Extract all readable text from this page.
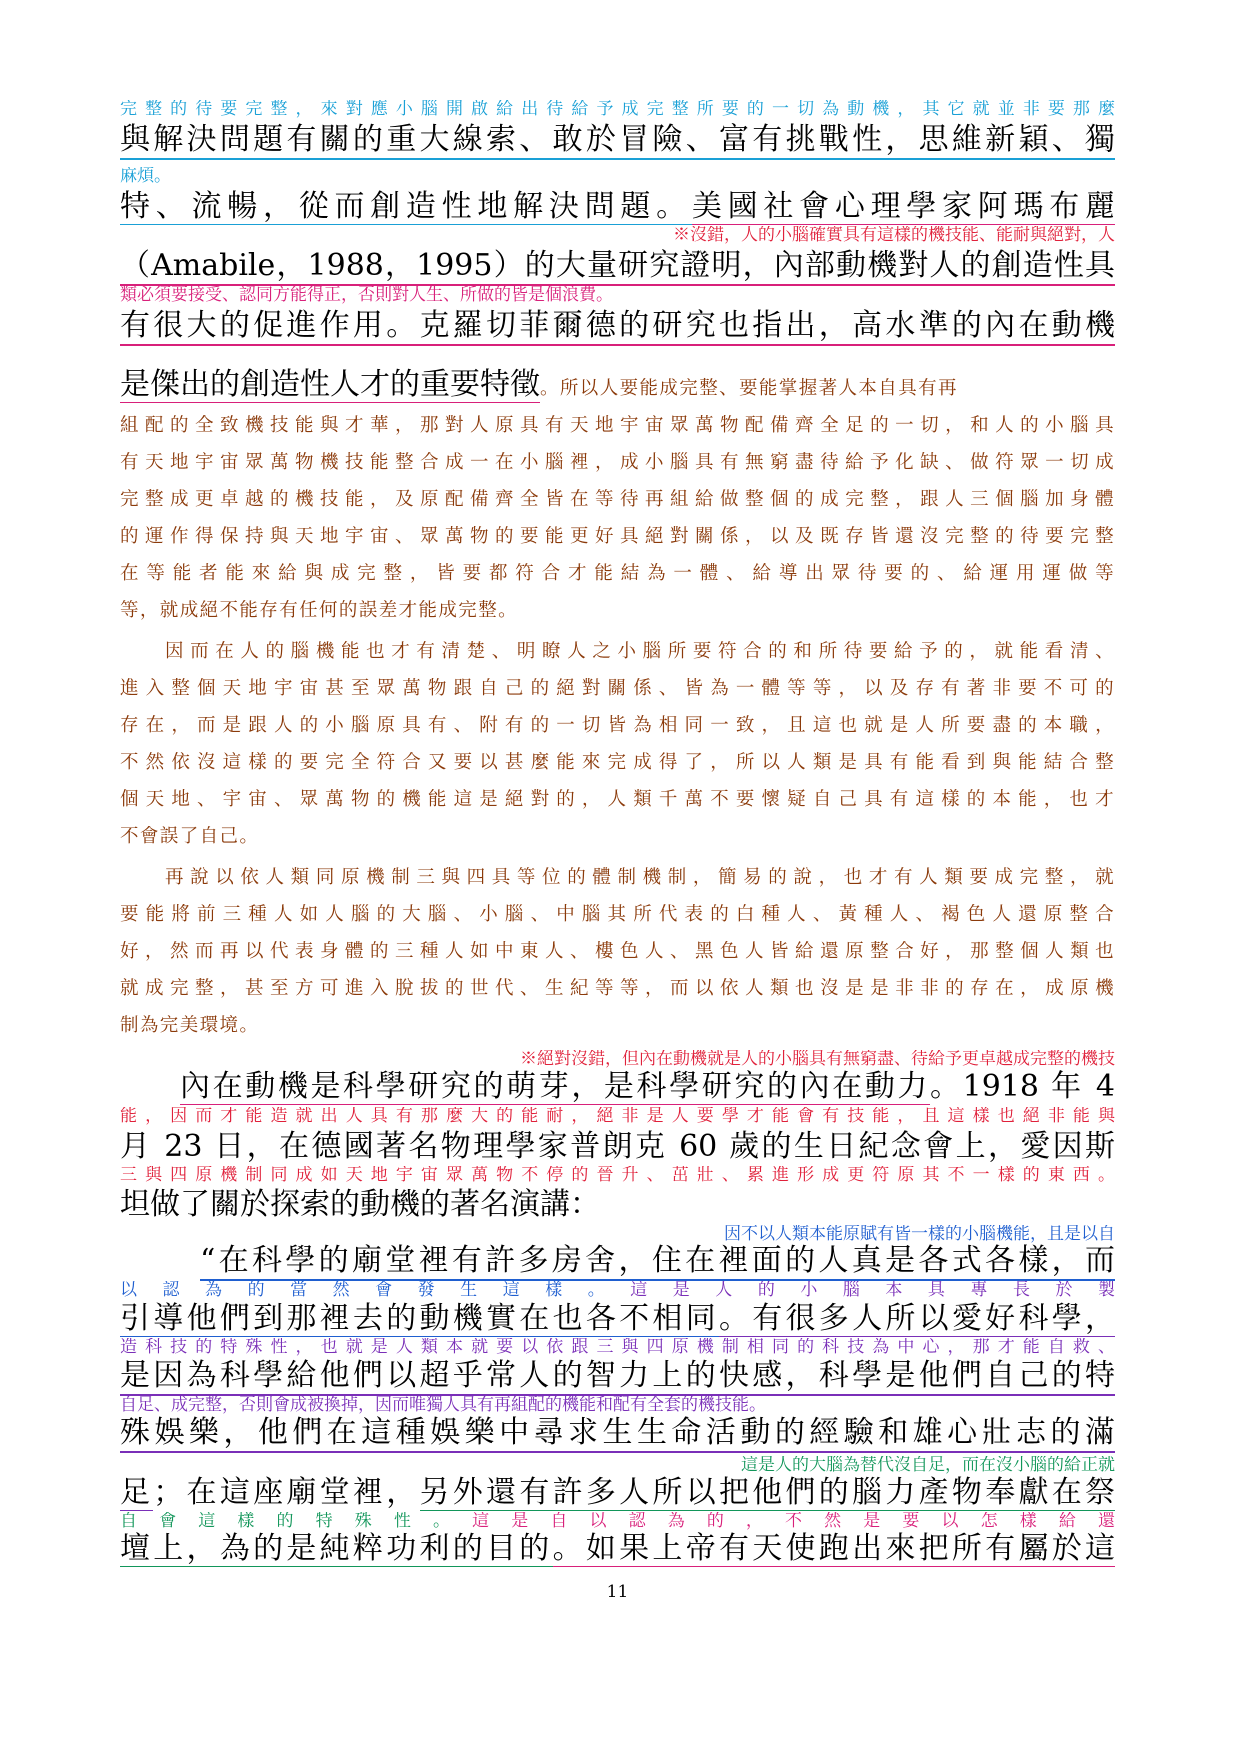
完整的待要完整，來對應小腦開啟給出待給予成完整所要的一切為動機，其它就並非要那麼
與解決問題有關的重大線索、敢於冒險、富有挑戰性，思維新穎、獨
麻煩。
特、流暢，從而創造性地解決問題。美國社會心理學家阿瑪布麗
※沒錯，人的小腦確實具有這樣的機技能、能耐與絕對，人
（Amabile，1988，1995）的大量研究證明，內部動機對人的創造性具
類必須要接受、認同方能得正，否則對人生、所做的皆是個浪費。
有很大的促進作用。克羅切菲爾德的研究也指出，高水準的內在動機
是傑出的創造性人才的重要特徵。所以人要能成完整、要能掌握著人本自具有再
組配的全致機技能與才華，那對人原具有天地宇宙眾萬物配備齊全足的一切，和人的小腦具
有天地宇宙眾萬物機技能整合成一在小腦裡，成小腦具有無窮盡待給予化缺、做符眾一切成
完整成更卓越的機技能，及原配備齊全皆在等待再組給做整個的成完整，跟人三個腦加身體
的運作得保持與天地宇宙、眾萬物的要能更好具絕對關係，以及既存皆還沒完整的待要完整
在等能者能來給與成完整，皆要都符合才能結為一體、給導出眾待要的、給運用運做等
等，就成絕不能存有任何的誤差才能成完整。
因而在人的腦機能也才有清楚、明瞭人之小腦所要符合的和所待要給予的，就能看清、
進入整個天地宇宙甚至眾萬物跟自己的絕對關係、皆為一體等等，以及存有著非要不可的
存在，而是跟人的小腦原具有、附有的一切皆為相同一致，且這也就是人所要盡的本職，
不然依沒這樣的要完全符合又要以甚麼能來完成得了，所以人類是具有能看到與能結合整
個天地、宇宙、眾萬物的機能這是絕對的，人類千萬不要懷疑自己具有這樣的本能，也才
不會誤了自己。
再說以依人類同原機制三與四具等位的體制機制，簡易的說，也才有人類要成完整，就
要能將前三種人如人腦的大腦、小腦、中腦其所代表的白種人、黃種人、褐色人還原整合
好，然而再以代表身體的三種人如中東人、樓色人、黑色人皆給還原整合好，那整個人類也
就成完整，甚至方可進入脫拔的世代、生紀等等，而以依人類也沒是是非非的存在，成原機
制為完美環境。
※絕對沒錯，但內在動機就是人的小腦具有無窮盡、待給予更卓越成完整的機技
內在動機是科學研究的萌芽，是科學研究的內在動力。1918 年 4
能，因而才能造就出人具有那麼大的能耐，絕非是人要學才能會有技能，且這樣也絕非能與
月 23 日，在德國著名物理學家普朗克 60 歲的生日紀念會上，愛因斯
三與四原機制同成如天地宇宙眾萬物不停的晉升、茁壯、累進形成更符原其不一樣的東西。
坦做了關於探索的動機的著名演講：
因不以人類本能原賦有皆一樣的小腦機能，且是以自
“在科學的廟堂裡有許多房舍，住在裡面的人真是各式各樣，而
以認為的當然會發生這樣。這是人的小腦本具專長於製
引導他們到那裡去的動機實在也各不相同。有很多人所以愛好科學，
造科技的特殊性，也就是人類本就要以依跟三與四原機制相同的科技為中心，那才能自救、
是因為科學給他們以超乎常人的智力上的快感，科學是他們自己的特
自足、成完整，否則會成被換掉，因而唯獨人具有再組配的機能和配有全套的機技能。
殊娛樂，他們在這種娛樂中尋求生生命活動的經驗和雄心壯志的滿
這是人的大腦為替代沒自足，而在沒小腦的給正就
足；在這座廟堂裡，另外還有許多人所以把他們的腦力產物奉獻在祭
自會這樣的特殊性。這是自以認為的，不然是要以怎樣給還
壇上，為的是純粹功利的目的。如果上帝有天使跑出來把所有屬於這
11
